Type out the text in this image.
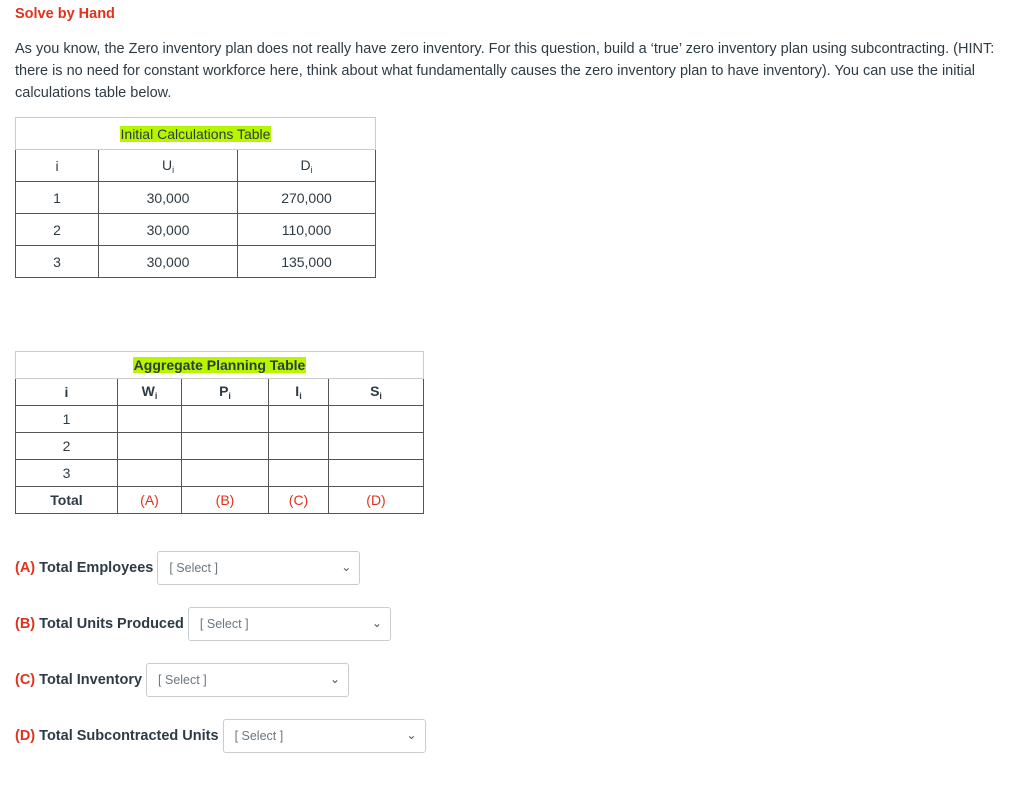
Solve by Hand
As you know, the Zero inventory plan does not really have zero inventory. For this question, build a ‘true’ zero inventory plan using subcontracting. (HINT: there is no need for constant workforce here, think about what fundamentally causes the zero inventory plan to have inventory). You can use the initial calculations table below.
Initial Calculations Table		
i	$U_i$	$D_i$
1	30,000	270,000
2	30,000	110,000
3	30,000	135,000
Aggregate Planning Table				
i	$W_i$	$P_i$	$I_i$	$S_i$
1				
2				
3				
Total	(A)	(B)	(C)	(D)
(A) Total Employees [ Select ]	⌄
(B) Total Units Produced [ Select ]	⌄
(C) Total Inventory [ Select ]	⌄
(D) Total Subcontracted Units [ Select ]	⌄
